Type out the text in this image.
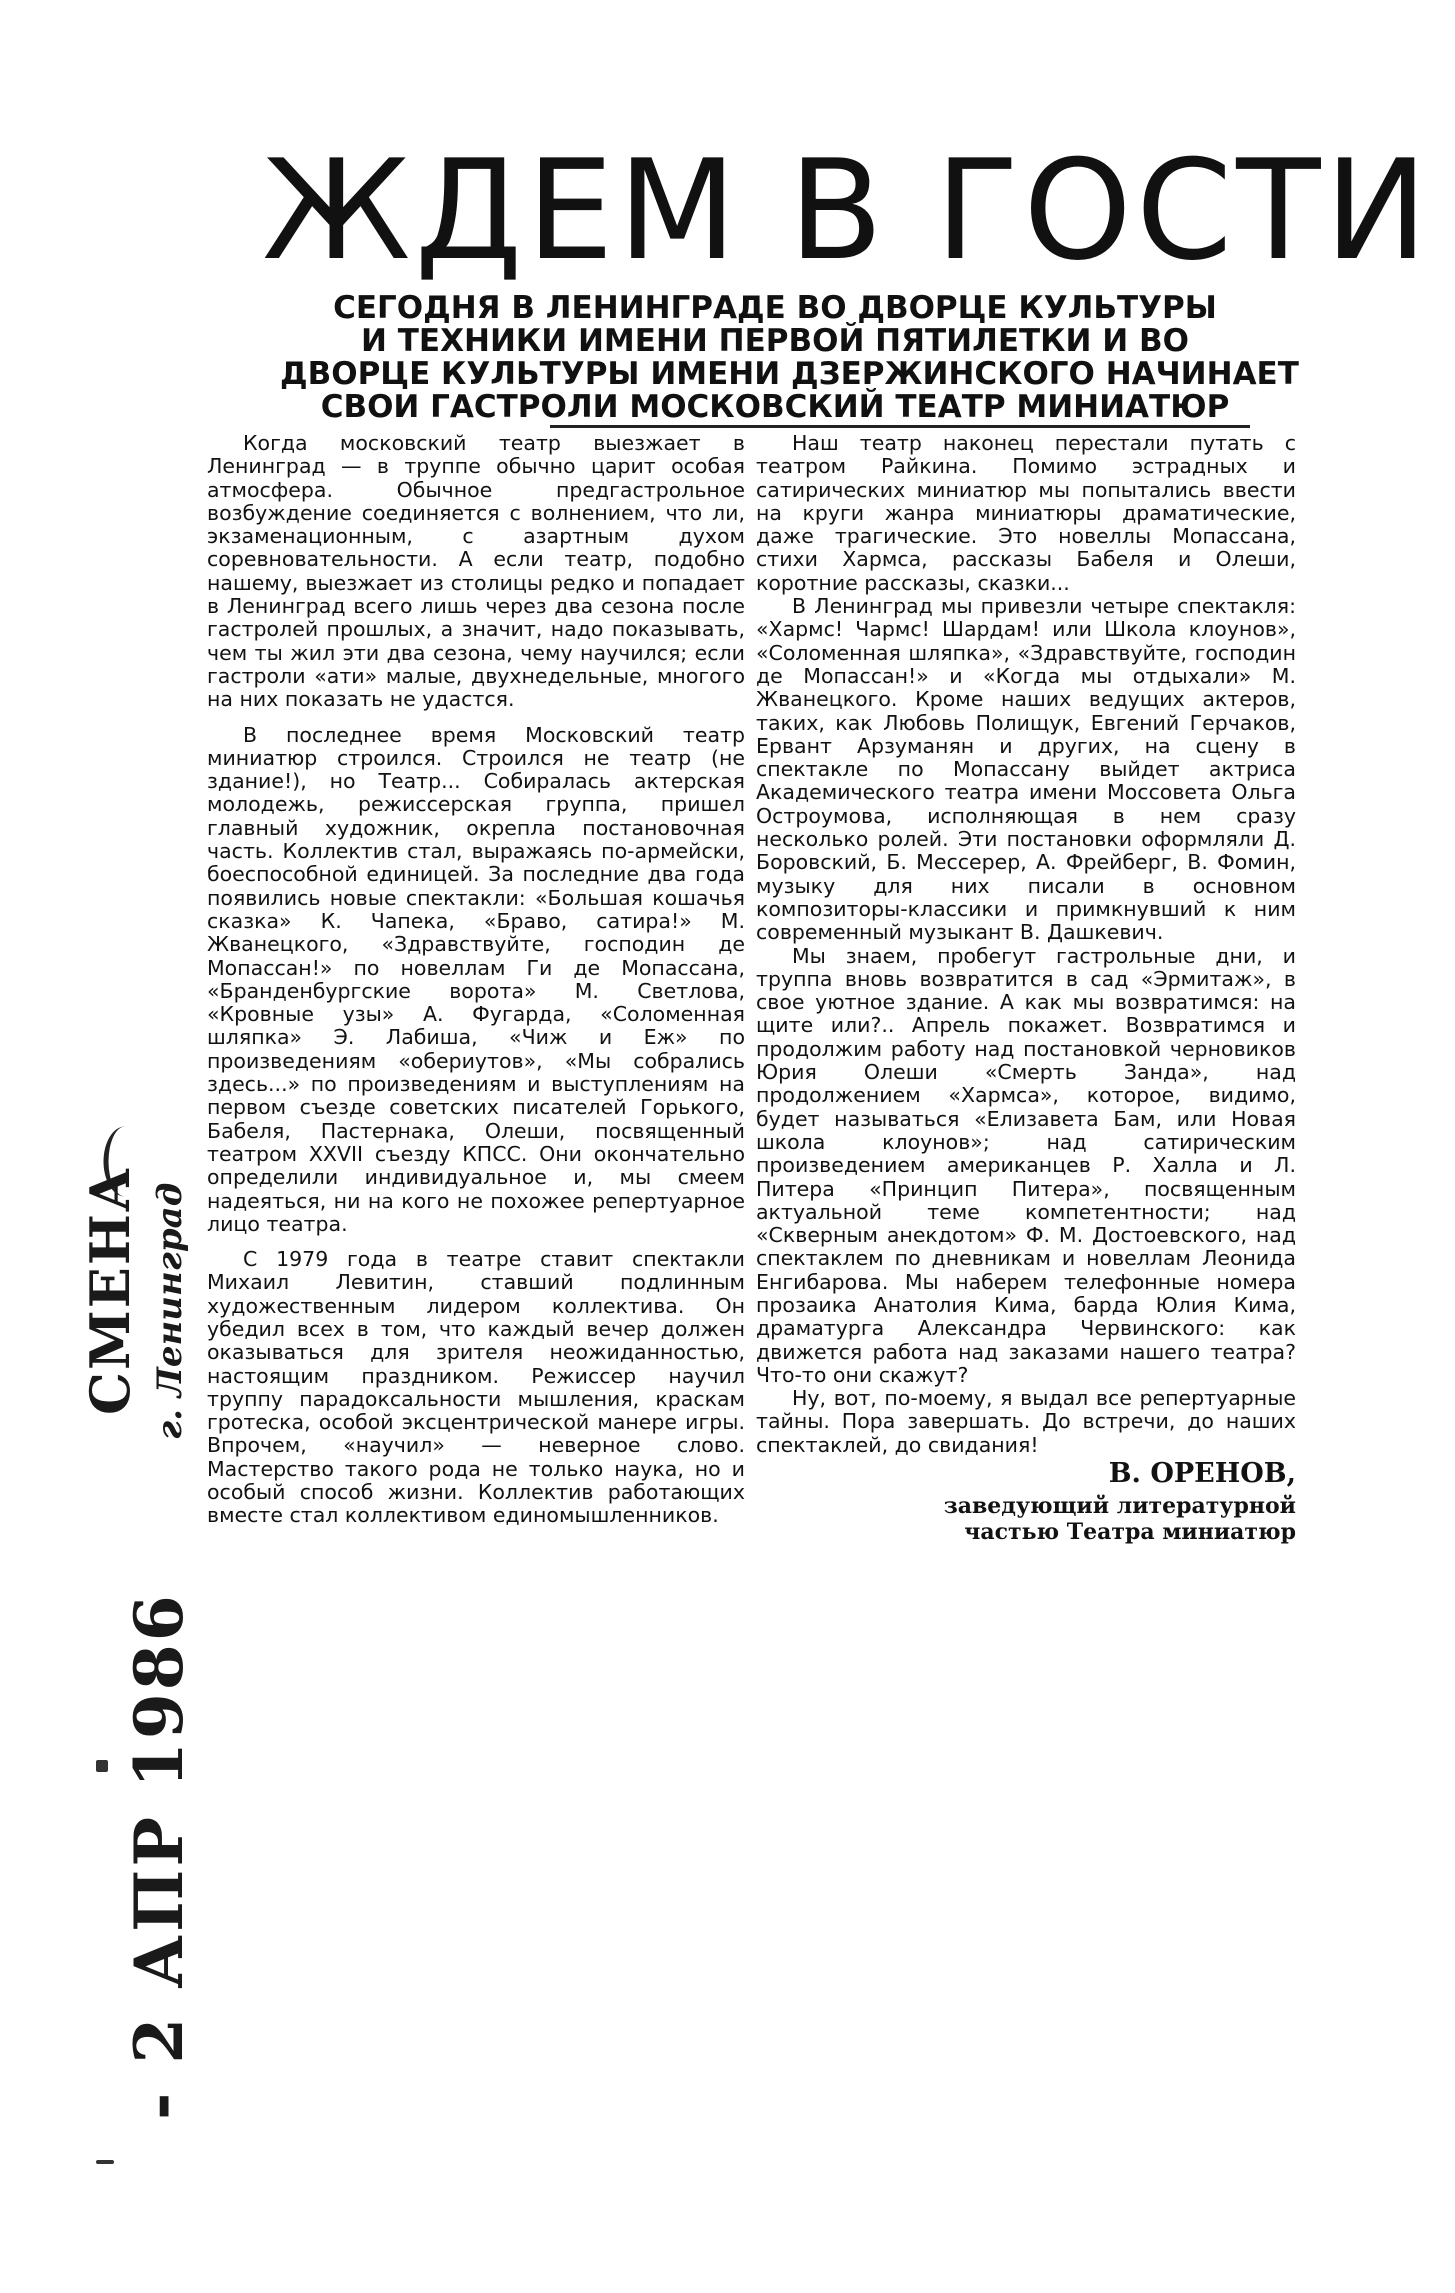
ЖДЕМ В ГОСТИ
СЕГОДНЯ В ЛЕНИНГРАДЕ ВО ДВОРЦЕ КУЛЬТУРЫ
И ТЕХНИКИ ИМЕНИ ПЕРВОЙ ПЯТИЛЕТКИ И ВО
ДВОРЦЕ КУЛЬТУРЫ ИМЕНИ ДЗЕРЖИНСКОГО НАЧИНАЕТ
СВОИ ГАСТРОЛИ МОСКОВСКИЙ ТЕАТР МИНИАТЮР

Когда московский театр выезжает в Ленинград — в труппе обычно царит особая атмосфера. Обычное предгастрольное возбуждение соединяется с волнением, что ли, экзаменационным, с азартным духом соревновательности. А если театр, подобно нашему, выезжает из столицы редко и попадает в Ленинград всего лишь через два сезона после гастролей прошлых, а значит, надо показывать, чем ты жил эти два сезона, чему научился; если гастроли «ати» малые, двухнедельные, многого на них показать не удастся.

В последнее время Московский театр миниатюр строился. Строился не театр (не здание!), но Театр... Собиралась актерская молодежь, режиссерская группа, пришел главный художник, окрепла постановочная часть. Коллектив стал, выражаясь по-армейски, боеспособной единицей. За последние два года появились новые спектакли: «Большая кошачья сказка» К. Чапека, «Браво, сатира!» М. Жванецкого, «Здравствуйте, господин де Мопассан!» по новеллам Ги де Мопассана, «Бранденбургские ворота» М. Светлова, «Кровные узы» А. Фугарда, «Соломенная шляпка» Э. Лабиша, «Чиж и Еж» по произведениям «обериутов», «Мы собрались здесь...» по произведениям и выступлениям на первом съезде советских писателей Горького, Бабеля, Пастернака, Олеши, посвященный театром XXVII съезду КПСС. Они окончательно определили индивидуальное и, мы смеем надеяться, ни на кого не похожее репертуарное лицо театра.

С 1979 года в театре ставит спектакли Михаил Левитин, ставший подлинным художественным лидером коллектива. Он убедил всех в том, что каждый вечер должен оказываться для зрителя неожиданностью, настоящим праздником. Режиссер научил труппу парадоксальности мышления, краскам гротеска, особой эксцентрической манере игры. Впрочем, «научил» — неверное слово. Мастерство такого рода не только наука, но и особый способ жизни. Коллектив работающих вместе стал коллективом единомышленников.

Наш театр наконец перестали путать с театром Райкина. Помимо эстрадных и сатирических миниатюр мы попытались ввести на круги жанра миниатюры драматические, даже трагические. Это новеллы Мопассана, стихи Хармса, рассказы Бабеля и Олеши, коротние рассказы, сказки...

В Ленинград мы привезли четыре спектакля: «Хармс! Чармс! Шардам! или Школа клоунов», «Соломенная шляпка», «Здравствуйте, господин де Мопассан!» и «Когда мы отдыхали» М. Жванецкого. Кроме наших ведущих актеров, таких, как Любовь Полищук, Евгений Герчаков, Ервант Арзуманян и других, на сцену в спектакле по Мопассану выйдет актриса Академического театра имени Моссовета Ольга Остроумова, исполняющая в нем сразу несколько ролей. Эти постановки оформляли Д. Боровский, Б. Мессерер, А. Фрейберг, В. Фомин, музыку для них писали в основном композиторы-классики и примкнувший к ним современный музыкант В. Дашкевич.

Мы знаем, пробегут гастрольные дни, и труппа вновь возвратится в сад «Эрмитаж», в свое уютное здание. А как мы возвратимся: на щите или?.. Апрель покажет. Возвратимся и продолжим работу над постановкой черновиков Юрия Олеши «Смерть Занда», над продолжением «Хармса», которое, видимо, будет называться «Елизавета Бам, или Новая школа клоунов»; над сатирическим произведением американцев Р. Халла и Л. Питера «Принцип Питера», посвященным актуальной теме компетентности; над «Скверным анекдотом» Ф. М. Достоевского, над спектаклем по дневникам и новеллам Леонида Енгибарова. Мы наберем телефонные номера прозаика Анатолия Кима, барда Юлия Кима, драматурга Александра Червинского: как движется работа над заказами нашего театра? Что-то они скажут?

Ну, вот, по-моему, я выдал все репертуарные тайны. Пора завершать. До встречи, до наших спектаклей, до свидания!

В. ОРЕНОВ,
заведующий литературной частью Театра миниатюр
СМЕНА г. Ленинград
- 2 АПР 1986
